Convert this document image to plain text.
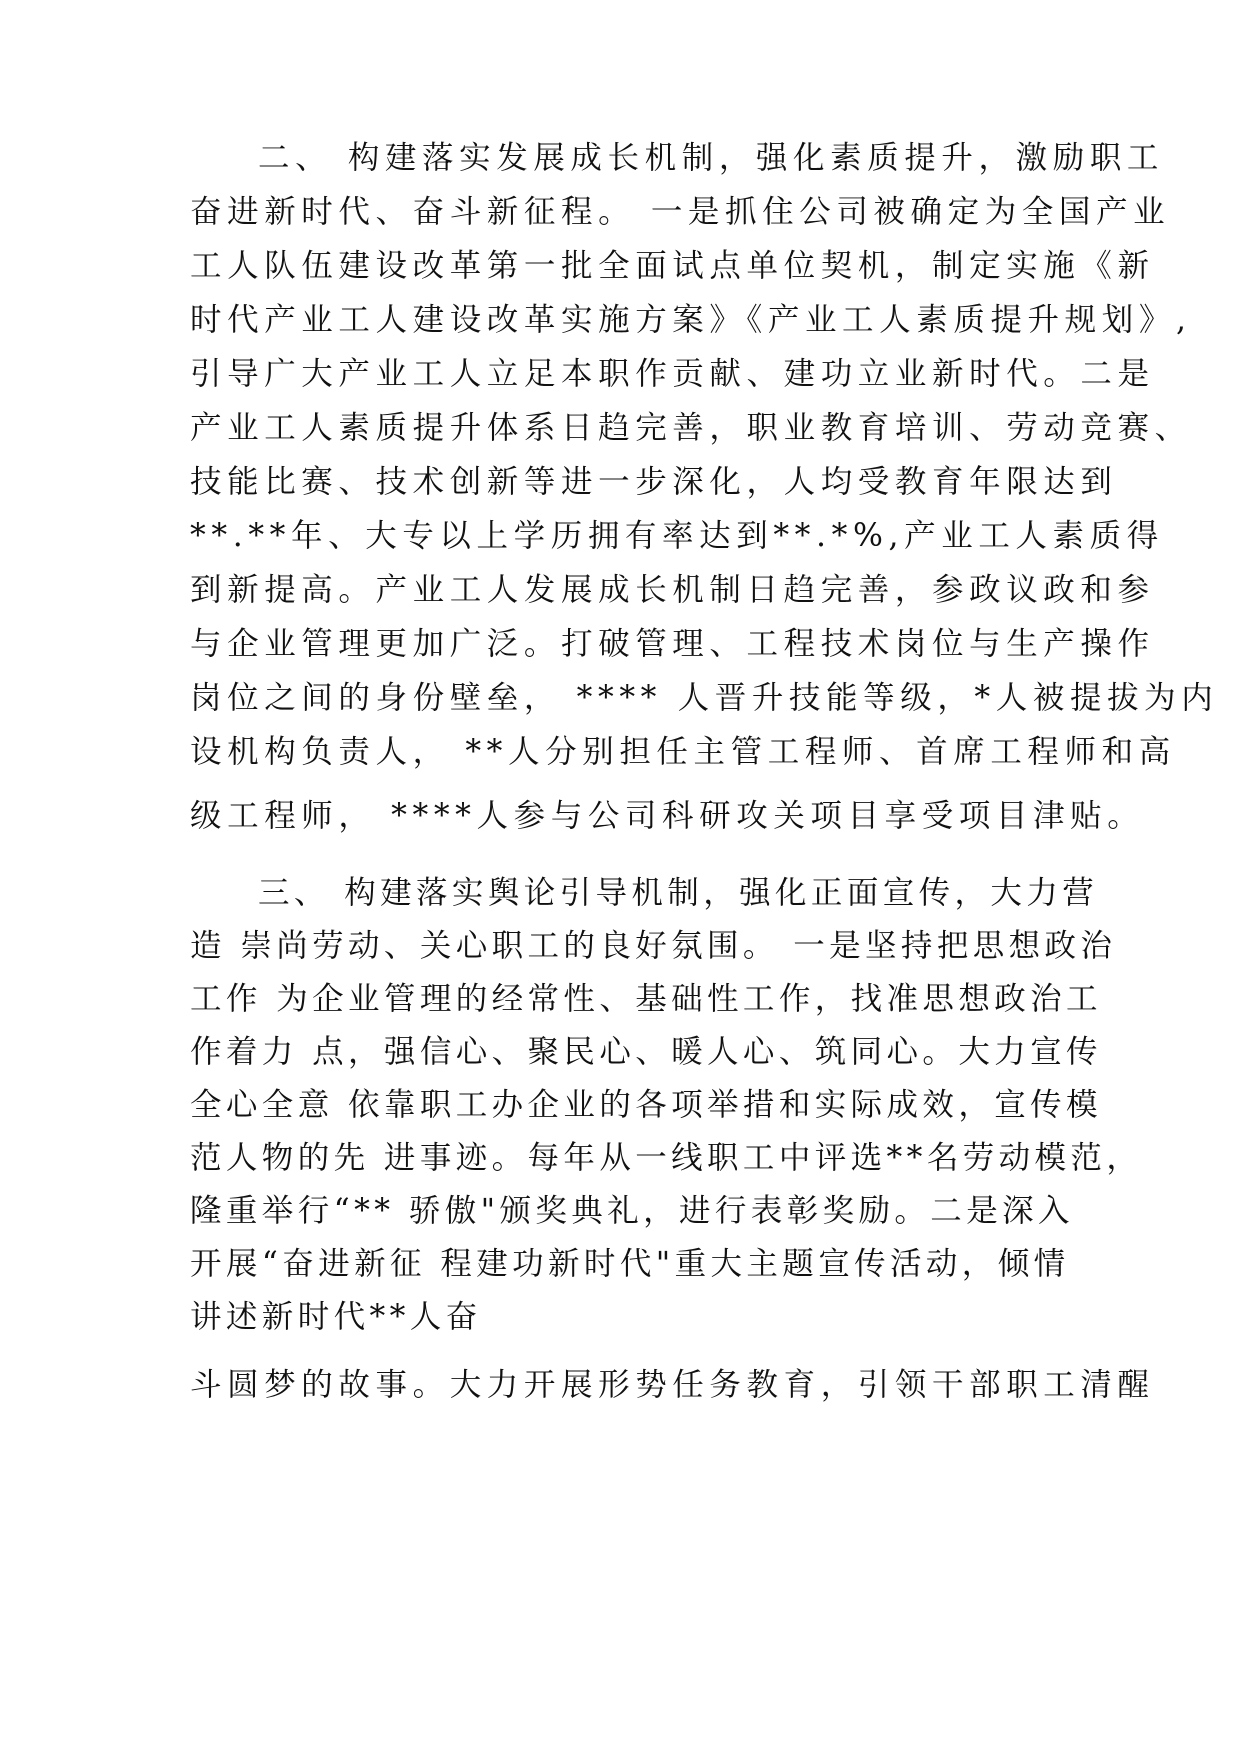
二、 构建落实发展成长机制，强化素质提升，激励职工
奋进新时代、奋斗新征程。 一是抓住公司被确定为全国产业
工人队伍建设改革第一批全面试点单位契机，制定实施《新
时代产业工人建设改革实施方案》《产业工人素质提升规划》,
引导广大产业工人立足本职作贡献、建功立业新时代。二是
产业工人素质提升体系日趋完善，职业教育培训、劳动竞赛、
技能比赛、技术创新等进一步深化，人均受教育年限达到
**.**年、大专以上学历拥有率达到**.*%,产业工人素质得
到新提高。产业工人发展成长机制日趋完善，参政议政和参
与企业管理更加广泛。打破管理、工程技术岗位与生产操作
岗位之间的身份壁垒， **** 人晋升技能等级，*人被提拔为内
设机构负责人， **人分别担任主管工程师、首席工程师和高
级工程师， ****人参与公司科研攻关项目享受项目津贴。
三、 构建落实舆论引导机制，强化正面宣传，大力营
造 崇尚劳动、关心职工的良好氛围。 一是坚持把思想政治
工作 为企业管理的经常性、基础性工作，找准思想政治工
作着力 点，强信心、聚民心、暖人心、筑同心。大力宣传
全心全意 依靠职工办企业的各项举措和实际成效，宣传模
范人物的先 进事迹。每年从一线职工中评选**名劳动模范，
隆重举行“** 骄傲"颁奖典礼，进行表彰奖励。二是深入
开展“奋进新征 程建功新时代"重大主题宣传活动，倾情
讲述新时代**人奋
斗圆梦的故事。大力开展形势任务教育，引领干部职工清醒
